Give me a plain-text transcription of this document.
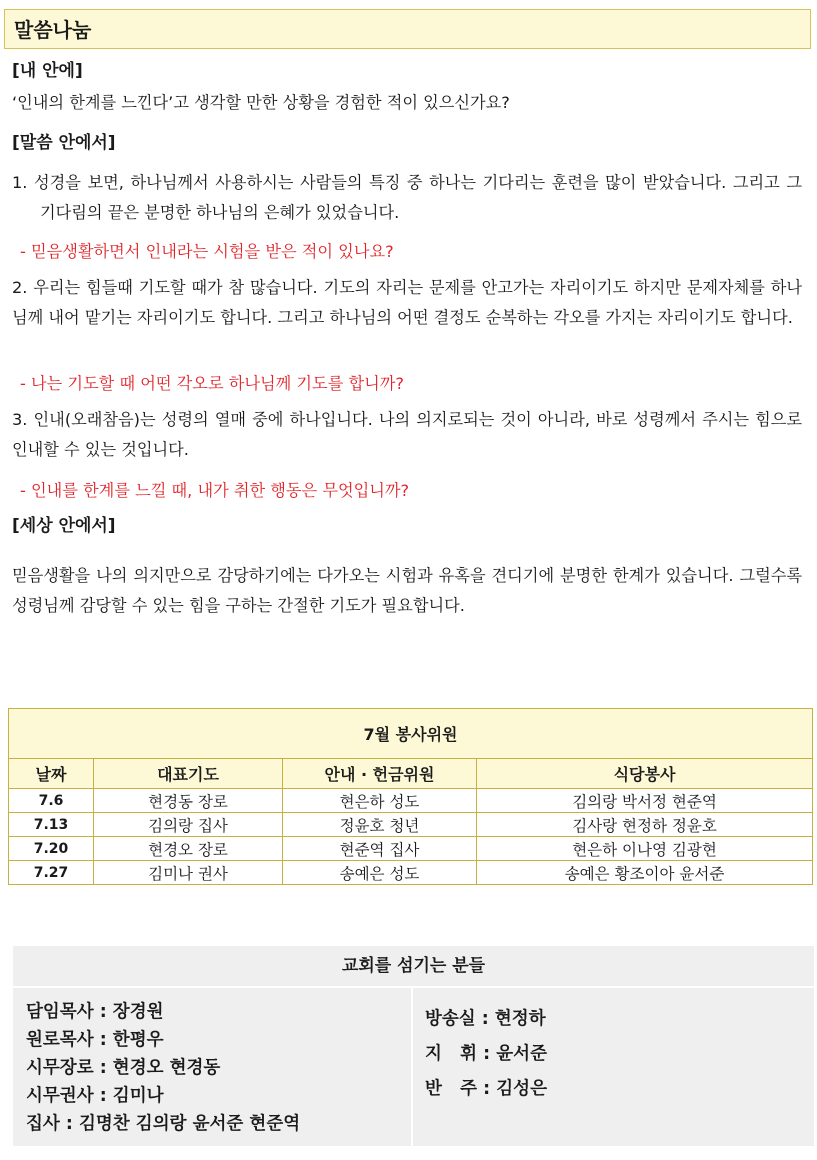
말씀나눔
[내 안에]
‘인내의 한계를 느낀다’고 생각할 만한 상황을 경험한 적이 있으신가요?
[말씀 안에서]
1. 성경을 보면, 하나님께서 사용하시는 사람들의 특징 중 하나는 기다리는 훈련을 많이 받았습니다. 그리고 그 기다림의 끝은 분명한 하나님의 은혜가 있었습니다.
- 믿음생활하면서 인내라는 시험을 받은 적이 있나요?
2. 우리는 힘들때 기도할 때가 참 많습니다. 기도의 자리는 문제를 안고가는 자리이기도 하지만 문제자체를 하나님께 내어 맡기는 자리이기도 합니다. 그리고 하나님의 어떤 결정도 순복하는 각오를 가지는 자리이기도 합니다.
- 나는 기도할 때 어떤 각오로 하나님께 기도를 합니까?
3. 인내(오래참음)는 성령의 열매 중에 하나입니다. 나의 의지로되는 것이 아니라, 바로 성령께서 주시는 힘으로 인내할 수 있는 것입니다.
- 인내를 한계를 느낄 때, 내가 취한 행동은 무엇입니까?
[세상 안에서]
믿음생활을 나의 의지만으로 감당하기에는 다가오는 시험과 유혹을 견디기에 분명한 한계가 있습니다. 그럴수록 성령님께 감당할 수 있는 힘을 구하는 간절한 기도가 필요합니다.
7월 봉사위원			
날짜	대표기도	안내 · 헌금위원	식당봉사
7.6	현경동 장로	현은하 성도	김의랑 박서정 현준역
7.13	김의랑 집사	정윤호 청년	김사랑 현정하 정윤호
7.20	현경오 장로	현준역 집사	현은하 이나영 김광현
7.27	김미나 권사	송예은 성도	송예은 황조이아 윤서준
교회를 섬기는 분들
담임목사 : 장경원
원로목사 : 한평우
시무장로 : 현경오 현경동
시무권사 : 김미나
집사 : 김명찬 김의랑 윤서준 현준역
방송실 : 현정하
지   휘 : 윤서준
반   주 : 김성은
